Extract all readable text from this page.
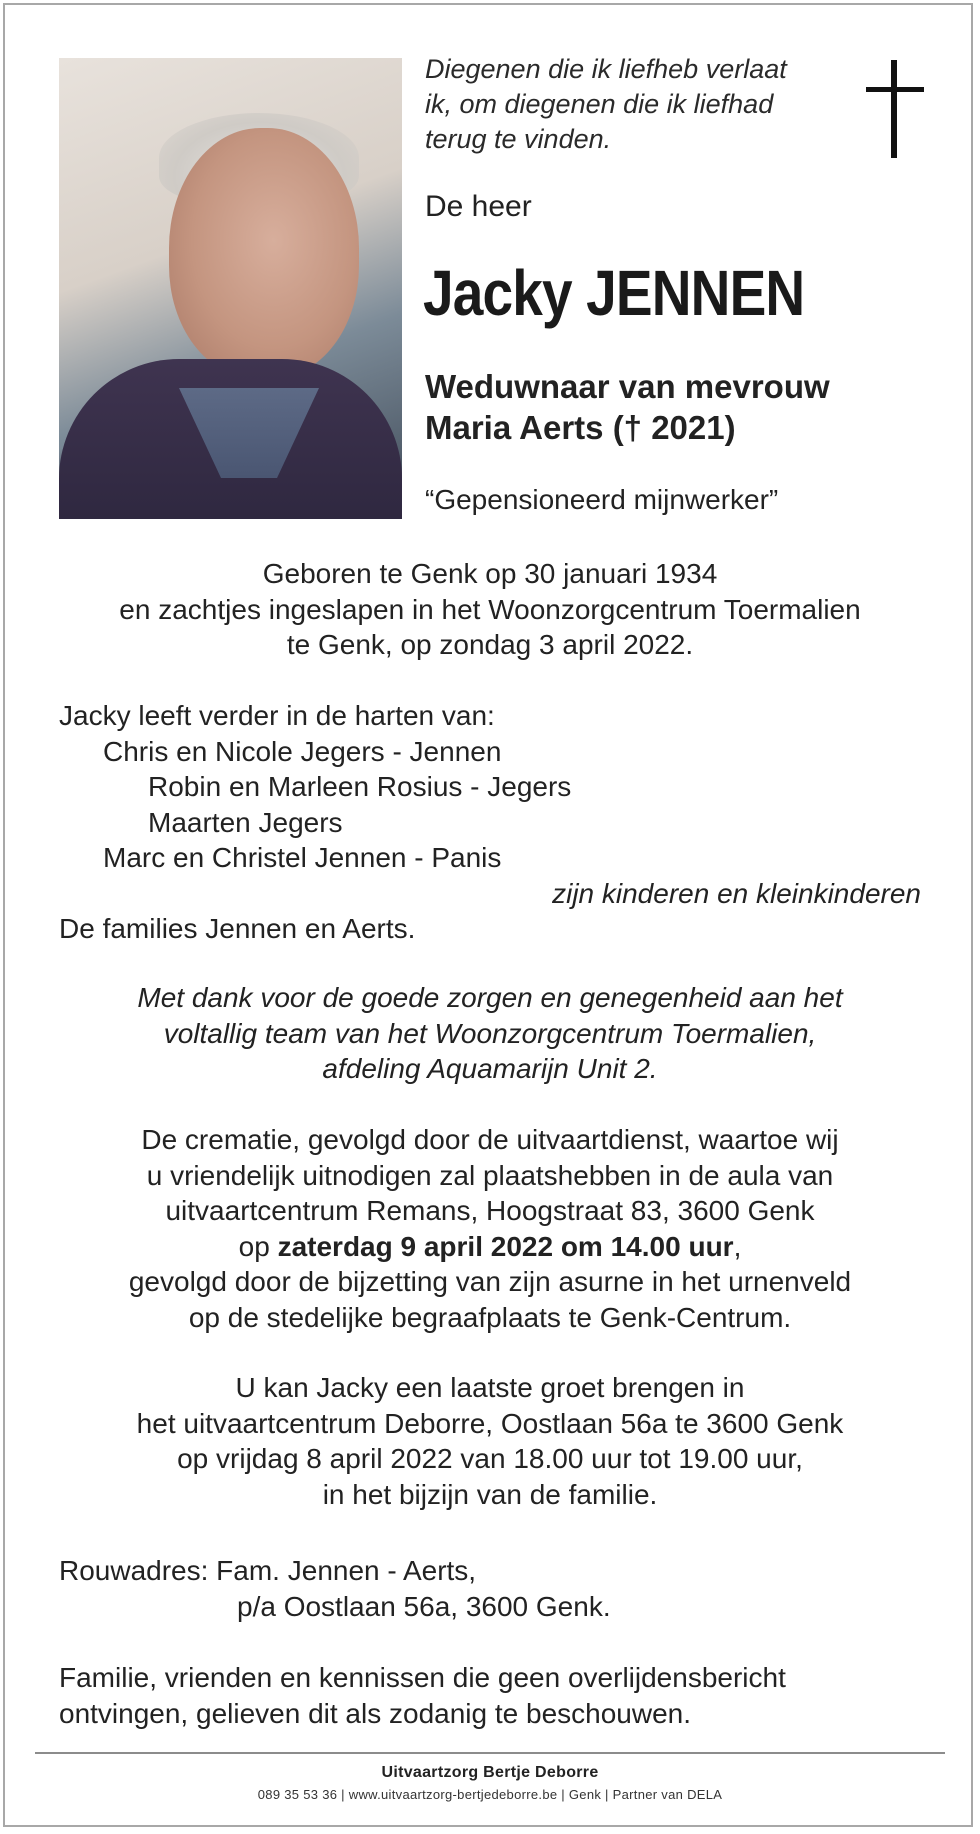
Diegenen die ik liefheb verlaat
ik, om diegenen die ik liefhad
terug te vinden.

De heer

Jacky JENNEN

Weduwnaar van mevrouw
Maria Aerts († 2021)

“Gepensioneerd mijnwerker”

Geboren te Genk op 30 januari 1934
en zachtjes ingeslapen in het Woonzorgcentrum Toermalien
te Genk, op zondag 3 april 2022.

Jacky leeft verder in de harten van:
Chris en Nicole Jegers - Jennen
Robin en Marleen Rosius - Jegers
Maarten Jegers
Marc en Christel Jennen - Panis
zijn kinderen en kleinkinderen
De families Jennen en Aerts.

Met dank voor de goede zorgen en genegenheid aan het
voltallig team van het Woonzorgcentrum Toermalien,
afdeling Aquamarijn Unit 2.

De crematie, gevolgd door de uitvaartdienst, waartoe wij
u vriendelijk uitnodigen zal plaatshebben in de aula van
uitvaartcentrum Remans, Hoogstraat 83, 3600 Genk
op zaterdag 9 april 2022 om 14.00 uur,
gevolgd door de bijzetting van zijn asurne in het urnenveld
op de stedelijke begraafplaats te Genk-Centrum.

U kan Jacky een laatste groet brengen in
het uitvaartcentrum Deborre, Oostlaan 56a te 3600 Genk
op vrijdag 8 april 2022 van 18.00 uur tot 19.00 uur,
in het bijzijn van de familie.

Rouwadres: Fam. Jennen - Aerts,
p/a Oostlaan 56a, 3600 Genk.

Familie, vrienden en kennissen die geen overlijdensbericht
ontvingen, gelieven dit als zodanig te beschouwen.

Uitvaartzorg Bertje Deborre

089 35 53 36 | www.uitvaartzorg-bertjedeborre.be | Genk | Partner van DELA
